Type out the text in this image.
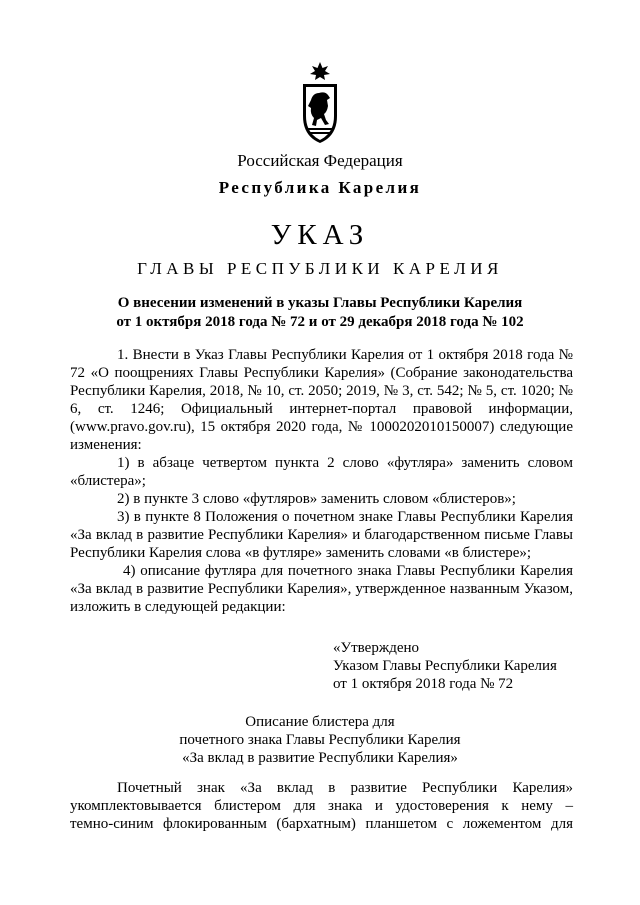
Российская Федерация
Республика Карелия
УКАЗ
ГЛАВЫ РЕСПУБЛИКИ КАРЕЛИЯ
О внесении изменений в указы Главы Республики Карелия
от 1 октября 2018 года № 72 и от 29 декабря 2018 года № 102

1. Внести в Указ Главы Республики Карелия от 1 октября 2018 года № 72 «О поощрениях Главы Республики Карелия» (Собрание законодательства Республики Карелия, 2018, № 10, ст. 2050; 2019, № 3, ст. 542; № 5, ст. 1020; № 6, ст. 1246; Официальный интернет-портал правовой информации, (www.pravo.gov.ru), 15 октября 2020 года, № 1000202010150007) следующие изменения:

1) в абзаце четвертом пункта 2 слово «футляра» заменить словом «блистера»;

2) в пункте 3 слово «футляров» заменить словом «блистеров»;

3) в пункте 8 Положения о почетном знаке Главы Республики Карелия «За вклад в развитие Республики Карелия» и благодарственном письме Главы Республики Карелия слова «в футляре» заменить словами «в блистере»;

4) описание футляра для почетного знака Главы Республики Карелия «За вклад в развитие Республики Карелия», утвержденное названным Указом, изложить в следующей редакции:

«Утверждено
Указом Главы Республики Карелия
от 1 октября 2018 года № 72
Описание блистера для
почетного знака Главы Республики Карелия
«За вклад в развитие Республики Карелия»
Почетный знак «За вклад в развитие Республики Карелия»
укомплектовывается блистером для знака и удостоверения к нему –
темно-синим флокированным (бархатным) планшетом с ложементом для
